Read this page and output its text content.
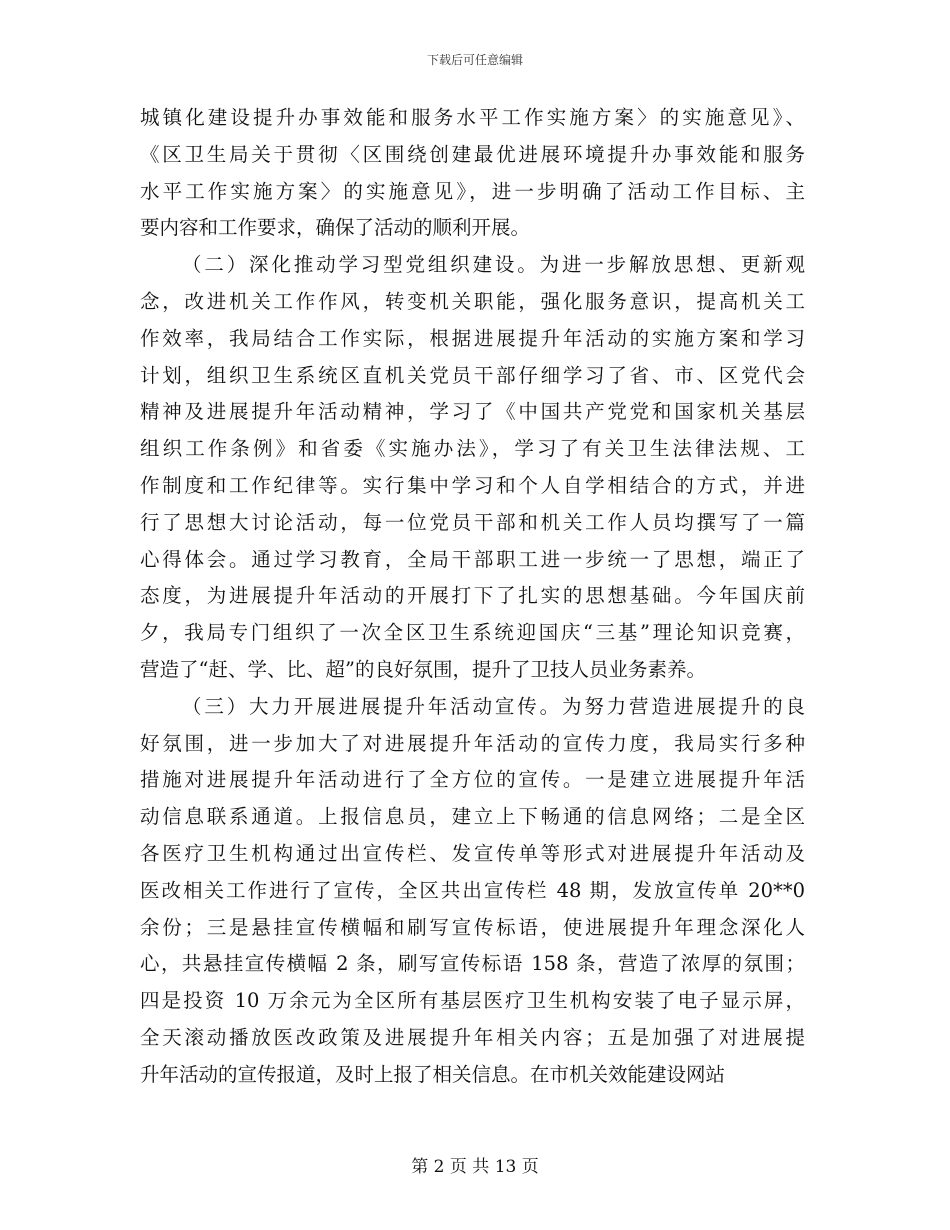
下载后可任意编辑
城镇化建设提升办事效能和服务水平工作实施方案〉的实施意见》、
《区卫生局关于贯彻〈区围绕创建最优进展环境提升办事效能和服务
水平工作实施方案〉的实施意见》，进一步明确了活动工作目标、主
要内容和工作要求，确保了活动的顺利开展。
（二）深化推动学习型党组织建设。为进一步解放思想、更新观
念，改进机关工作作风，转变机关职能，强化服务意识，提高机关工
作效率，我局结合工作实际，根据进展提升年活动的实施方案和学习
计划，组织卫生系统区直机关党员干部仔细学习了省、市、区党代会
精神及进展提升年活动精神，学习了《中国共产党党和国家机关基层
组织工作条例》和省委《实施办法》，学习了有关卫生法律法规、工
作制度和工作纪律等。实行集中学习和个人自学相结合的方式，并进
行了思想大讨论活动，每一位党员干部和机关工作人员均撰写了一篇
心得体会。通过学习教育，全局干部职工进一步统一了思想，端正了
态度，为进展提升年活动的开展打下了扎实的思想基础。今年国庆前
夕，我局专门组织了一次全区卫生系统迎国庆“三基”理论知识竞赛，
营造了“赶、学、比、超”的良好氛围，提升了卫技人员业务素养。
（三）大力开展进展提升年活动宣传。为努力营造进展提升的良
好氛围，进一步加大了对进展提升年活动的宣传力度，我局实行多种
措施对进展提升年活动进行了全方位的宣传。一是建立进展提升年活
动信息联系通道。上报信息员，建立上下畅通的信息网络；二是全区
各医疗卫生机构通过出宣传栏、发宣传单等形式对进展提升年活动及
医改相关工作进行了宣传，全区共出宣传栏 48 期，发放宣传单 20**0
余份；三是悬挂宣传横幅和刷写宣传标语，使进展提升年理念深化人
心，共悬挂宣传横幅 2 条，刷写宣传标语 158 条，营造了浓厚的氛围；
四是投资 10 万余元为全区所有基层医疗卫生机构安装了电子显示屏，
全天滚动播放医改政策及进展提升年相关内容；五是加强了对进展提
升年活动的宣传报道，及时上报了相关信息。在市机关效能建设网站
第 2 页 共 13 页
